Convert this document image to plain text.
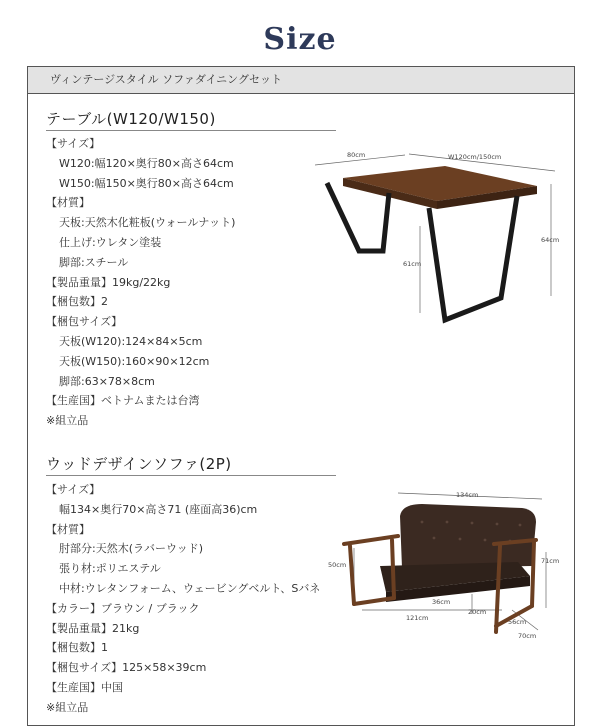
Size
ヴィンテージスタイル ソファダイニングセット
テーブル(W120/W150)
【サイズ】
W120:幅120×奥行80×高さ64cm
W150:幅150×奥行80×高さ64cm
【材質】
天板:天然木化粧板(ウォールナット)
仕上げ:ウレタン塗装
脚部:スチール
【製品重量】19kg/22kg
【梱包数】2
【梱包サイズ】
天板(W120):124×84×5cm
天板(W150):160×90×12cm
脚部:63×78×8cm
【生産国】ベトナムまたは台湾
※組立品
80cm	W120cm/150cm
64cm
61cm
ウッドデザインソファ(2P)
【サイズ】
幅134×奥行70×高さ71 (座面高36)cm
【材質】
肘部分:天然木(ラバーウッド)
張り材:ポリエステル
中材:ウレタンフォーム、ウェービングベルト、Sバネ
【カラー】ブラウン / ブラック
【製品重量】21kg
【梱包数】1
【梱包サイズ】125×58×39cm
【生産国】中国
※組立品
134cm
50cm	71cm
36cm
20cm
121cm	56cm
70cm
